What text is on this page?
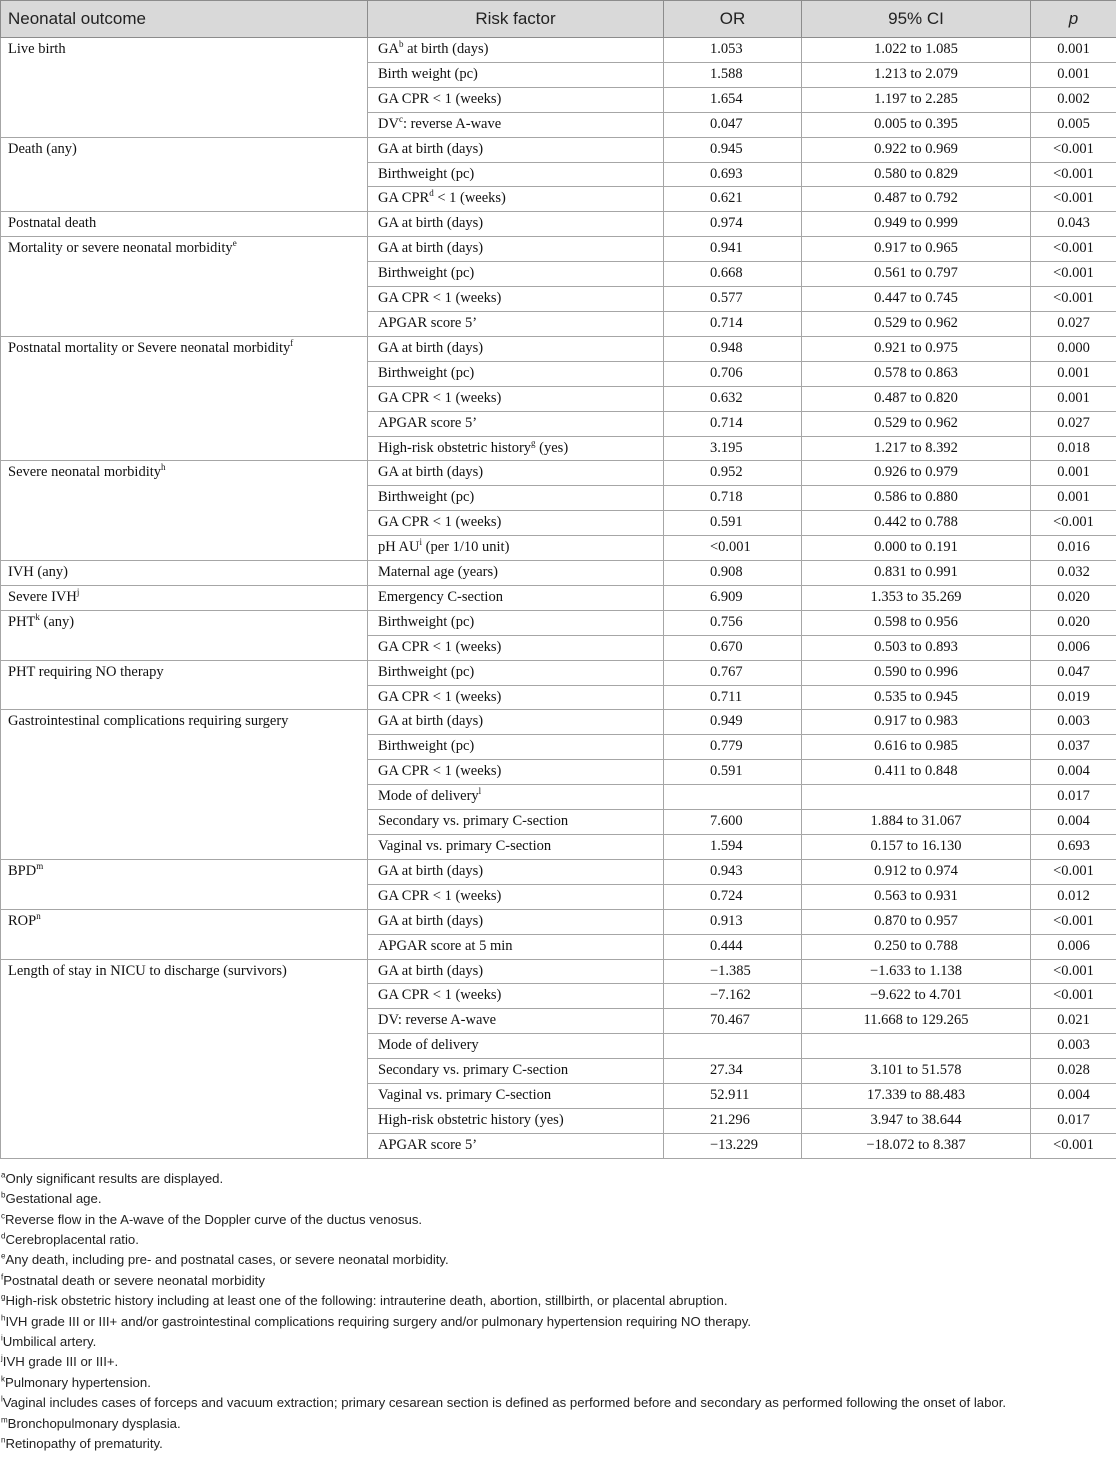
Neonatal outcome	Risk factor	OR	95% CI	p
Live birth	$GA^b$ at birth (days)	1.053	1.022 to 1.085	0.001
	Birth weight (pc)	1.588	1.213 to 2.079	0.001
	GA CPR < 1 (weeks)	1.654	1.197 to 2.285	0.002
	$DV^c$: reverse A-wave	0.047	0.005 to 0.395	0.005
Death (any)	GA at birth (days)	0.945	0.922 to 0.969	<0.001
	Birthweight (pc)	0.693	0.580 to 0.829	<0.001
	GA $CPR^d < 1$ (weeks)	0.621	0.487 to 0.792	<0.001
Postnatal death	GA at birth (days)	0.974	0.949 to 0.999	0.043
Mortality or severe neonatal morbidity$^e$	GA at birth (days)	0.941	0.917 to 0.965	<0.001
	Birthweight (pc)	0.668	0.561 to 0.797	<0.001
	GA CPR < 1 (weeks)	0.577	0.447 to 0.745	<0.001
	APGAR score 5’	0.714	0.529 to 0.962	0.027
Postnatal mortality or Severe neonatal morbidity$^f$	GA at birth (days)	0.948	0.921 to 0.975	0.000
	Birthweight (pc)	0.706	0.578 to 0.863	0.001
	GA CPR < 1 (weeks)	0.632	0.487 to 0.820	0.001
	APGAR score 5’	0.714	0.529 to 0.962	0.027
	High-risk obstetric history$^g$ (yes)	3.195	1.217 to 8.392	0.018
Severe neonatal morbidity$^h$	GA at birth (days)	0.952	0.926 to 0.979	0.001
	Birthweight (pc)	0.718	0.586 to 0.880	0.001
	GA CPR < 1 (weeks)	0.591	0.442 to 0.788	<0.001
	pH $AU^i$ (per 1/10 unit)	<0.001	0.000 to 0.191	0.016
IVH (any)	Maternal age (years)	0.908	0.831 to 0.991	0.032
Severe IVH$^j$	Emergency C-section	6.909	1.353 to 35.269	0.020
PHT$^k$ (any)	Birthweight (pc)	0.756	0.598 to 0.956	0.020
	GA CPR < 1 (weeks)	0.670	0.503 to 0.893	0.006
PHT requiring NO therapy	Birthweight (pc)	0.767	0.590 to 0.996	0.047
	GA CPR < 1 (weeks)	0.711	0.535 to 0.945	0.019
Gastrointestinal complications requiring surgery	GA at birth (days)	0.949	0.917 to 0.983	0.003
	Birthweight (pc)	0.779	0.616 to 0.985	0.037
	GA CPR < 1 (weeks)	0.591	0.411 to 0.848	0.004
	Mode of delivery$^l$			0.017
	Secondary vs. primary C-section	7.600	1.884 to 31.067	0.004
	Vaginal vs. primary C-section	1.594	0.157 to 16.130	0.693
BPD$^m$	GA at birth (days)	0.943	0.912 to 0.974	<0.001
	GA CPR < 1 (weeks)	0.724	0.563 to 0.931	0.012
ROP$^n$	GA at birth (days)	0.913	0.870 to 0.957	<0.001
	APGAR score at 5 min	0.444	0.250 to 0.788	0.006
Length of stay in NICU to discharge (survivors)	GA at birth (days)	−1.385	−1.633 to 1.138	<0.001
	GA CPR < 1 (weeks)	−7.162	−9.622 to 4.701	<0.001
	DV: reverse A-wave	70.467	11.668 to 129.265	0.021
	Mode of delivery			0.003
	Secondary vs. primary C-section	27.34	3.101 to 51.578	0.028
	Vaginal vs. primary C-section	52.911	17.339 to 88.483	0.004
	High-risk obstetric history (yes)	21.296	3.947 to 38.644	0.017
	APGAR score 5’	−13.229	−18.072 to 8.387	<0.001

$^a$Only significant results are displayed.

$^b$Gestational age.

$^c$Reverse flow in the A-wave of the Doppler curve of the ductus venosus.

$^d$Cerebroplacental ratio.

$^e$Any death, including pre- and postnatal cases, or severe neonatal morbidity.

$^f$Postnatal death or severe neonatal morbidity

$^g$High-risk obstetric history including at least one of the following: intrauterine death, abortion, stillbirth, or placental abruption.

$^h$IVH grade III or III+ and/or gastrointestinal complications requiring surgery and/or pulmonary hypertension requiring NO therapy.

$^i$Umbilical artery.

$^j$IVH grade III or III+.

$^k$Pulmonary hypertension.

$^l$Vaginal includes cases of forceps and vacuum extraction; primary cesarean section is defined as performed before and secondary as performed following the onset of labor.

$^m$Bronchopulmonary dysplasia.

$^n$Retinopathy of prematurity.
